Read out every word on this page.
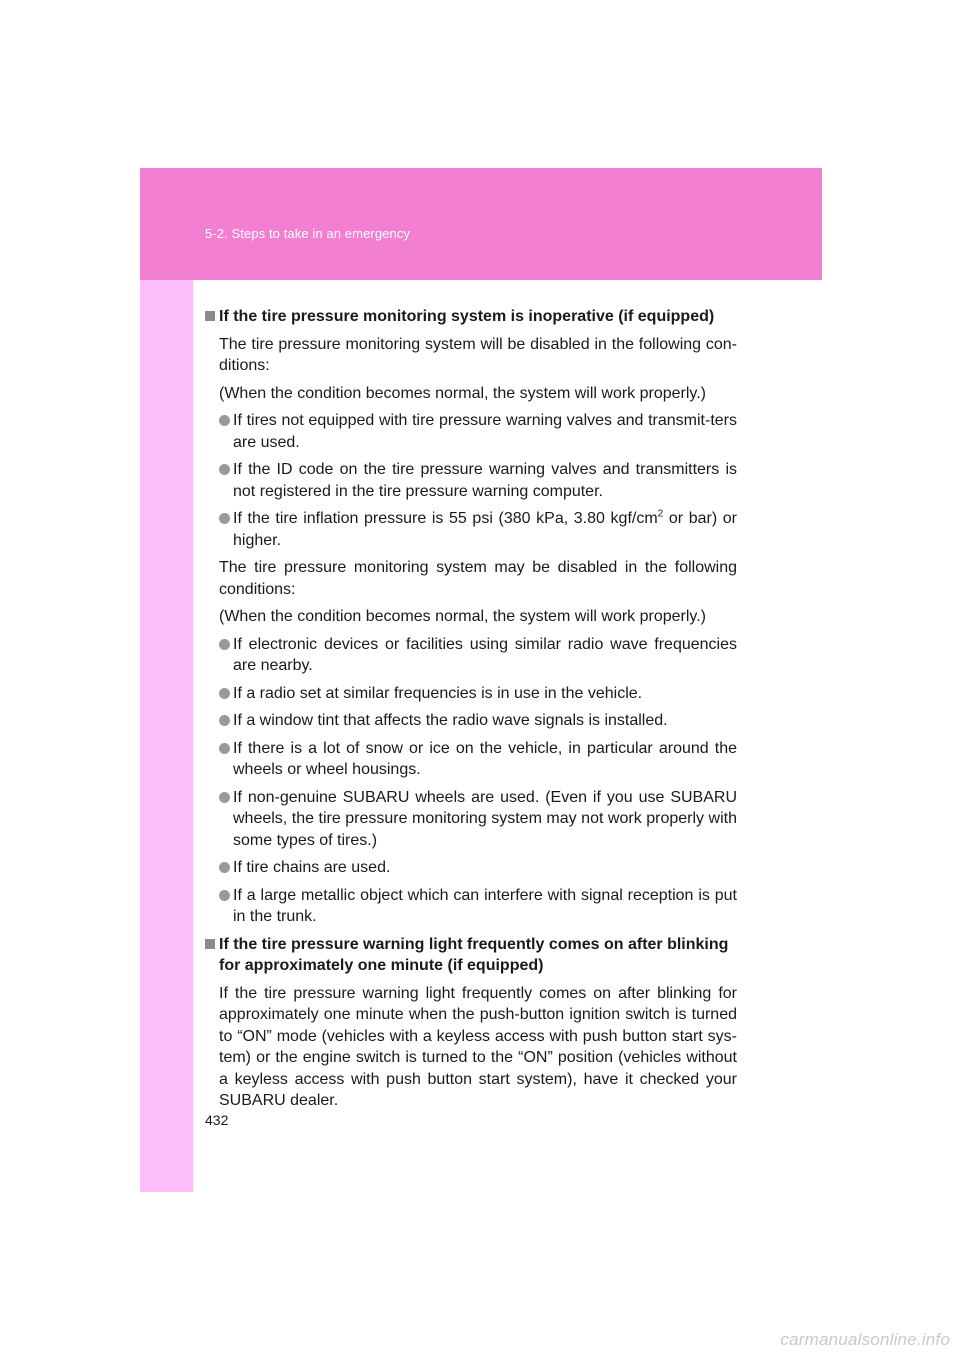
5-2. Steps to take in an emergency
If the tire pressure monitoring system is inoperative (if equipped)
The tire pressure monitoring system will be disabled in the following con-ditions:
(When the condition becomes normal, the system will work properly.)
If tires not equipped with tire pressure warning valves and transmit-ters are used.
If the ID code on the tire pressure warning valves and transmitters is not registered in the tire pressure warning computer.
If the tire inflation pressure is 55 psi (380 kPa, 3.80 kgf/$cm^2$ or bar) or higher.
The tire pressure monitoring system may be disabled in the following conditions:
(When the condition becomes normal, the system will work properly.)
If electronic devices or facilities using similar radio wave frequencies are nearby.
If a radio set at similar frequencies is in use in the vehicle.
If a window tint that affects the radio wave signals is installed.
If there is a lot of snow or ice on the vehicle, in particular around the wheels or wheel housings.
If non-genuine SUBARU wheels are used. (Even if you use SUBARU wheels, the tire pressure monitoring system may not work properly with some types of tires.)
If tire chains are used.
If a large metallic object which can interfere with signal reception is put in the trunk.
If the tire pressure warning light frequently comes on after blinking for approximately one minute (if equipped)
If the tire pressure warning light frequently comes on after blinking for approximately one minute when the push-button ignition switch is turned to “ON” mode (vehicles with a keyless access with push button start sys-tem) or the engine switch is turned to the “ON” position (vehicles without a keyless access with push button start system), have it checked your SUBARU dealer.
432
carmanualsonline.info
